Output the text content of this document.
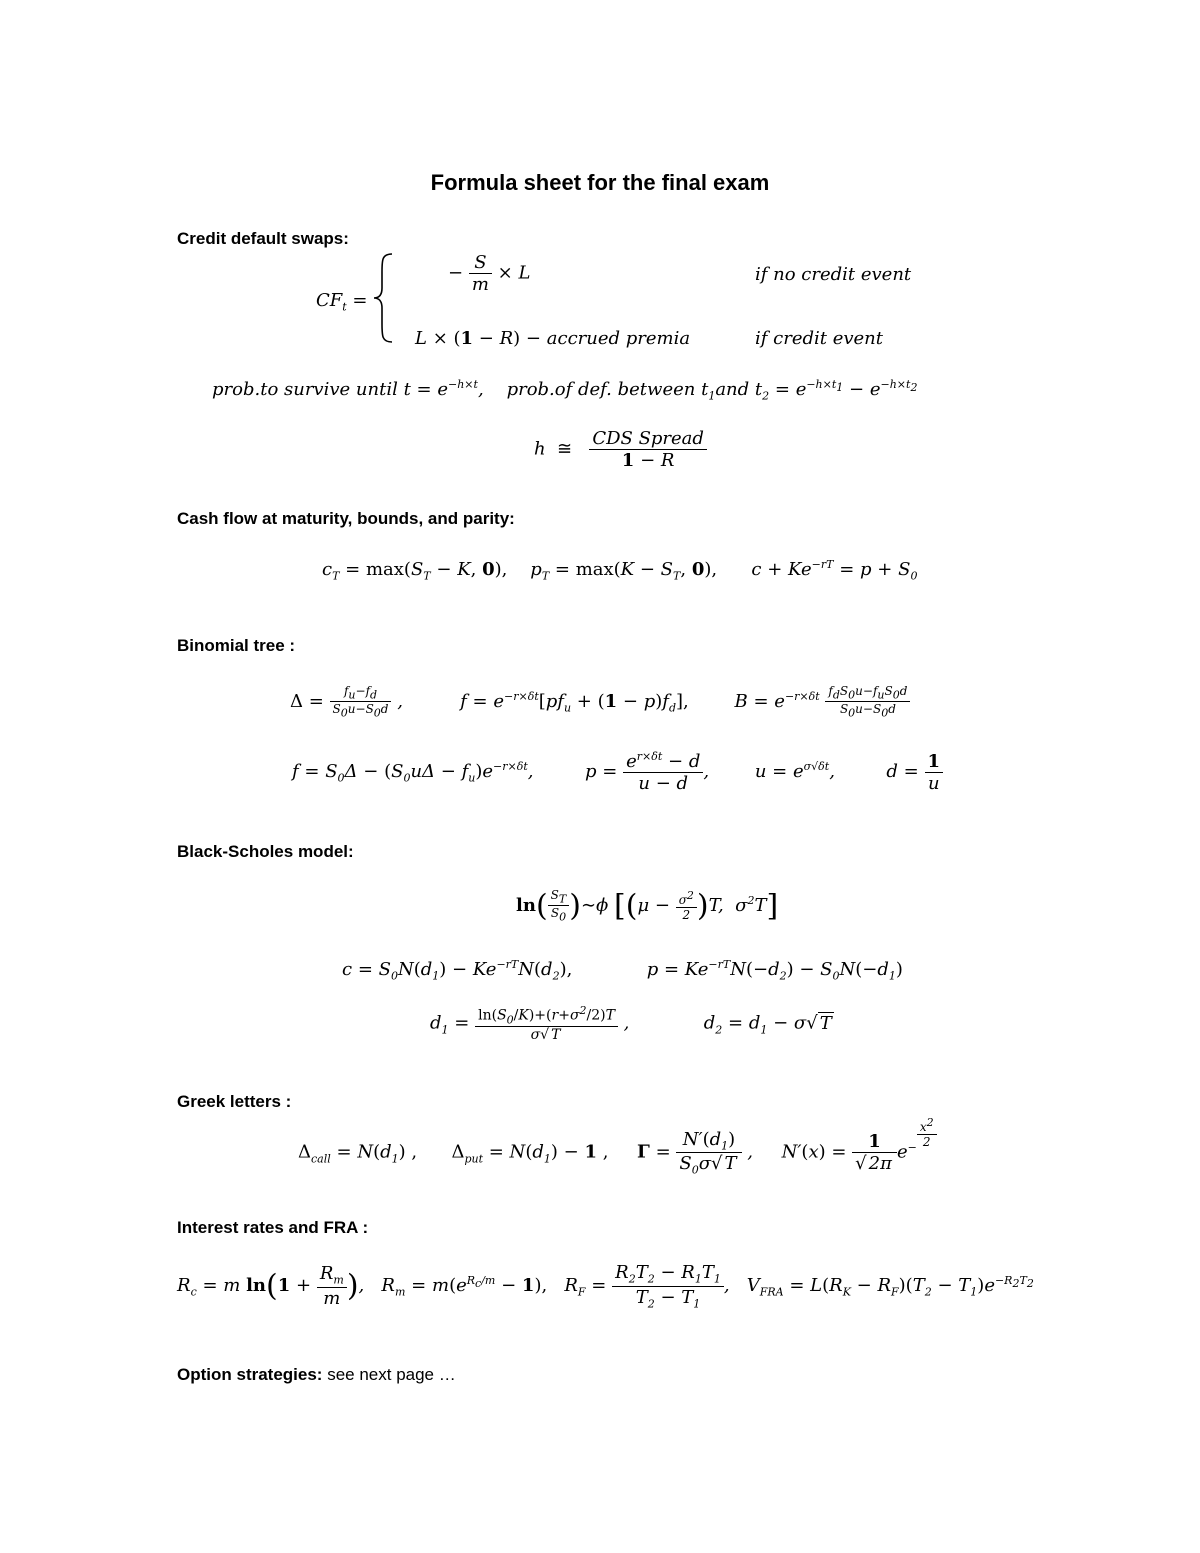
Formula sheet for the final exam
Credit default swaps:
$CF_t$ =
− $\frac{S}{m} \times L$	if no credit event
L × (1 − R) − accrued premia	if credit event
prob.to survive until $t = e^{-h\times t}$,    prob.of def. between $t_1and$ $t_2 = e^{-h\times t_1} - e^{-h\times t_2}$
h  ≅ $\frac{\text{CDS Spread}}{1 - R}$
Cash flow at maturity, bounds, and parity:
$c_T = \max(S_T - K$, 0),    $p_T = \max(K - S_T$, 0),      $c + Ke^{-rT} = p + S_0$
Binomial tree :
$\Delta = \frac{f_u-f_d}{S_0u-S_0d}$ ,          $f = e^{-r\times\delta t}[pf_u + (1 - p)f_d]$,        $B = e^{-r\times\delta t} \frac{f_dS_0u-f_uS_0d}{S_0u-S_0d}$
$f = S_0\Delta - (S_0u\Delta - f_u)e^{-r\times\delta t}$,         $p = \frac{e^{r\times\delta t} - d}{u - d}$ ,        $u = e^{\sigma√\delta t}$,         $d = \frac{1}{u}$
Black-Scholes model:
$\ln( \frac{S_T}{S_0}$ )∼ϕ [$(\mu - \frac{\sigma^2}{2} )T$,  $\sigma^2T$]
$c = S_0N(d_1) - Ke^{-rT}N(d_2)$,             $p = Ke^{-rT}N(-d_2) - S_0N(-d_1)$
$d_1 = \frac{\ln(S_0/K)+(r+\sigma^2/2)T}{\sigma√ T}$ ,             $d_2 = d_1 - \sigma√$ T
Greek letters :
$\Delta_{call} = N(d_1)$ , $\Delta_{put} = N(d_1) - 1$ , $\Gamma = \frac{N'(d_1)}{S_0\sigma√ T}$ ,     $N'(x) = \frac{1}{√ 2\pi} e^{- \frac{x^2}{2}}$
Interest rates and FRA :
$R_c = m$ $\ln(1 + \frac{R_m}{m}$ ),   $R_m = m(e^{R_c/m} - 1)$,   $R_F = \frac{R_2T_2 - R_1T_1}{T_2 - T_1}$ ,   $V_{FRA} = L(R_K - R_F)(T_2 - T_1)e^{-R_2T_2}$
Option strategies: see next page …
